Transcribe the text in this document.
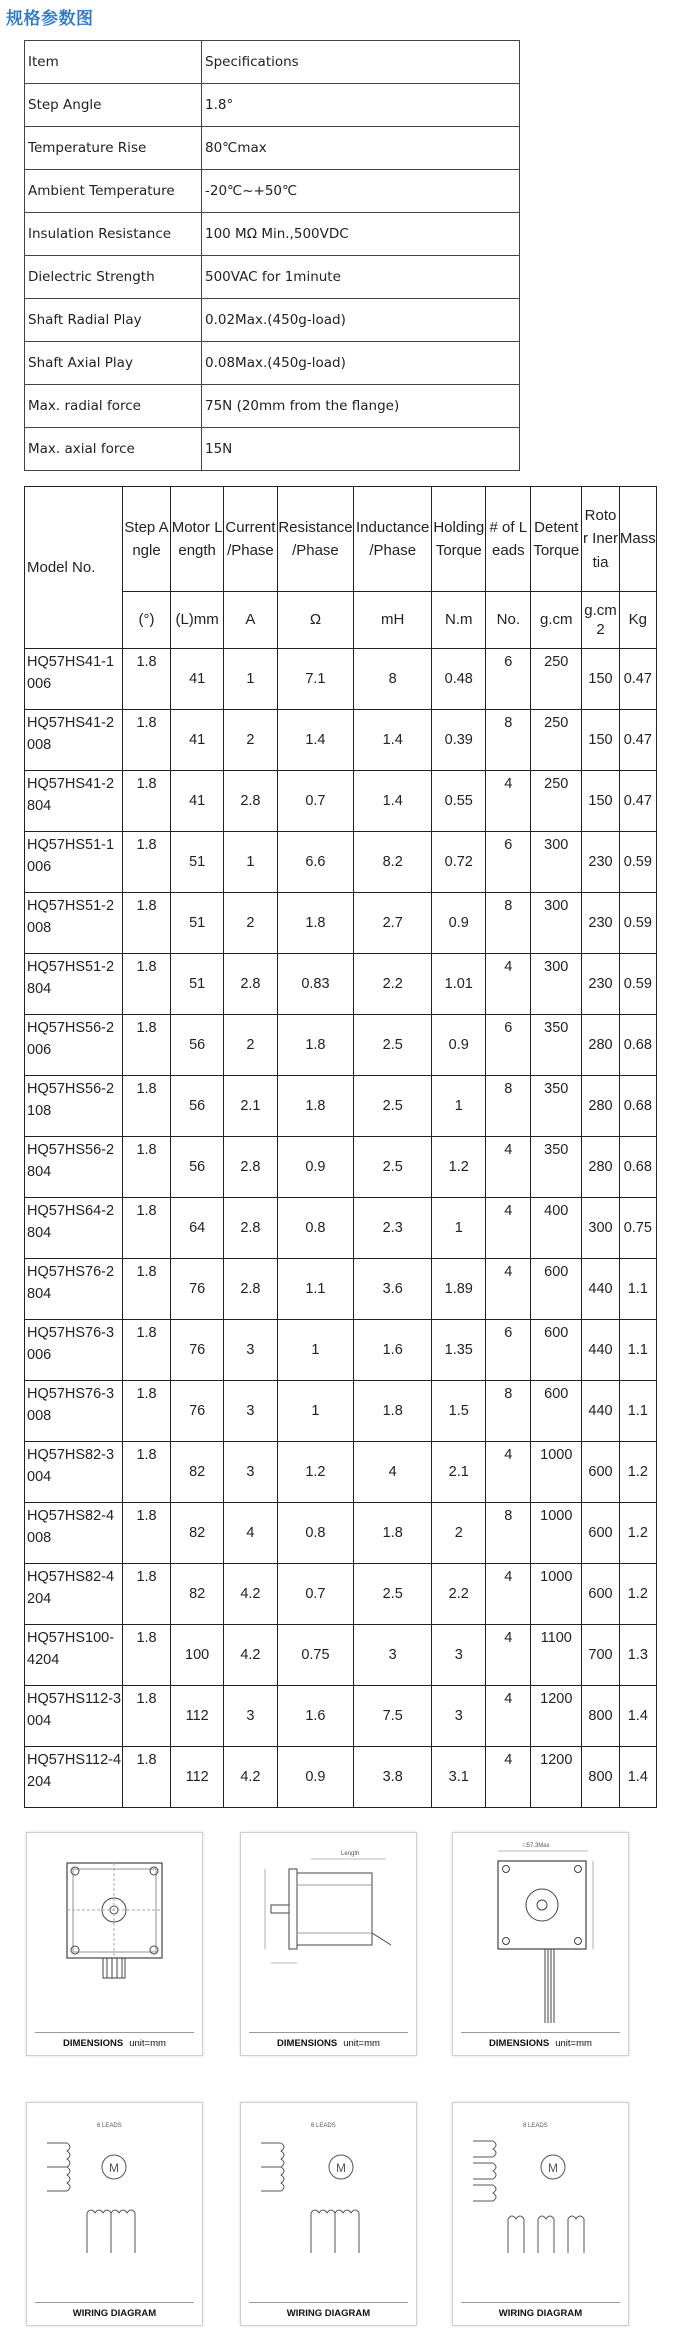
规格参数图
Item	Specifications
Step Angle	1.8°
Temperature Rise	80℃max
Ambient Temperature	-20℃~+50℃
Insulation Resistance	100 MΩ Min.,500VDC
Dielectric Strength	500VAC for 1minute
Shaft Radial Play	0.02Max.(450g-load)
Shaft Axial Play	0.08Max.(450g-load)
Max. radial force	75N (20mm from the flange)
Max. axial force	15N
Model No.	Step Angle	Motor Length	Current /Phase	Resistance /Phase	Inductance /Phase	Holding Torque	# of Leads	Detent Torque	Rotor Inertia	Mass
	(°)	(L)mm	A	Ω	mH	N.m	No.	g.cm	g.cm2	Kg
HQ57HS41-1006	1.8	41	1	7.1	8	0.48	6	250	150	0.47
HQ57HS41-2008	1.8	41	2	1.4	1.4	0.39	8	250	150	0.47
HQ57HS41-2804	1.8	41	2.8	0.7	1.4	0.55	4	250	150	0.47
HQ57HS51-1006	1.8	51	1	6.6	8.2	0.72	6	300	230	0.59
HQ57HS51-2008	1.8	51	2	1.8	2.7	0.9	8	300	230	0.59
HQ57HS51-2804	1.8	51	2.8	0.83	2.2	1.01	4	300	230	0.59
HQ57HS56-2006	1.8	56	2	1.8	2.5	0.9	6	350	280	0.68
HQ57HS56-2108	1.8	56	2.1	1.8	2.5	1	8	350	280	0.68
HQ57HS56-2804	1.8	56	2.8	0.9	2.5	1.2	4	350	280	0.68
HQ57HS64-2804	1.8	64	2.8	0.8	2.3	1	4	400	300	0.75
HQ57HS76-2804	1.8	76	2.8	1.1	3.6	1.89	4	600	440	1.1
HQ57HS76-3006	1.8	76	3	1	1.6	1.35	6	600	440	1.1
HQ57HS76-3008	1.8	76	3	1	1.8	1.5	8	600	440	1.1
HQ57HS82-3004	1.8	82	3	1.2	4	2.1	4	1000	600	1.2
HQ57HS82-4008	1.8	82	4	0.8	1.8	2	8	1000	600	1.2
HQ57HS82-4204	1.8	82	4.2	0.7	2.5	2.2	4	1000	600	1.2
HQ57HS100-4204	1.8	100	4.2	0.75	3	3	4	1100	700	1.3
HQ57HS112-3004	1.8	112	3	1.6	7.5	3	4	1200	800	1.4
HQ57HS112-4204	1.8	112	4.2	0.9	3.8	3.1	4	1200	800	1.4
DIMENSIONS unit=mm
Length
DIMENSIONS unit=mm
□57.3Max
DIMENSIONS unit=mm
6 LEADS
M
WIRING DIAGRAM
6 LEADS
M
WIRING DIAGRAM
8 LEADS
M
WIRING DIAGRAM
